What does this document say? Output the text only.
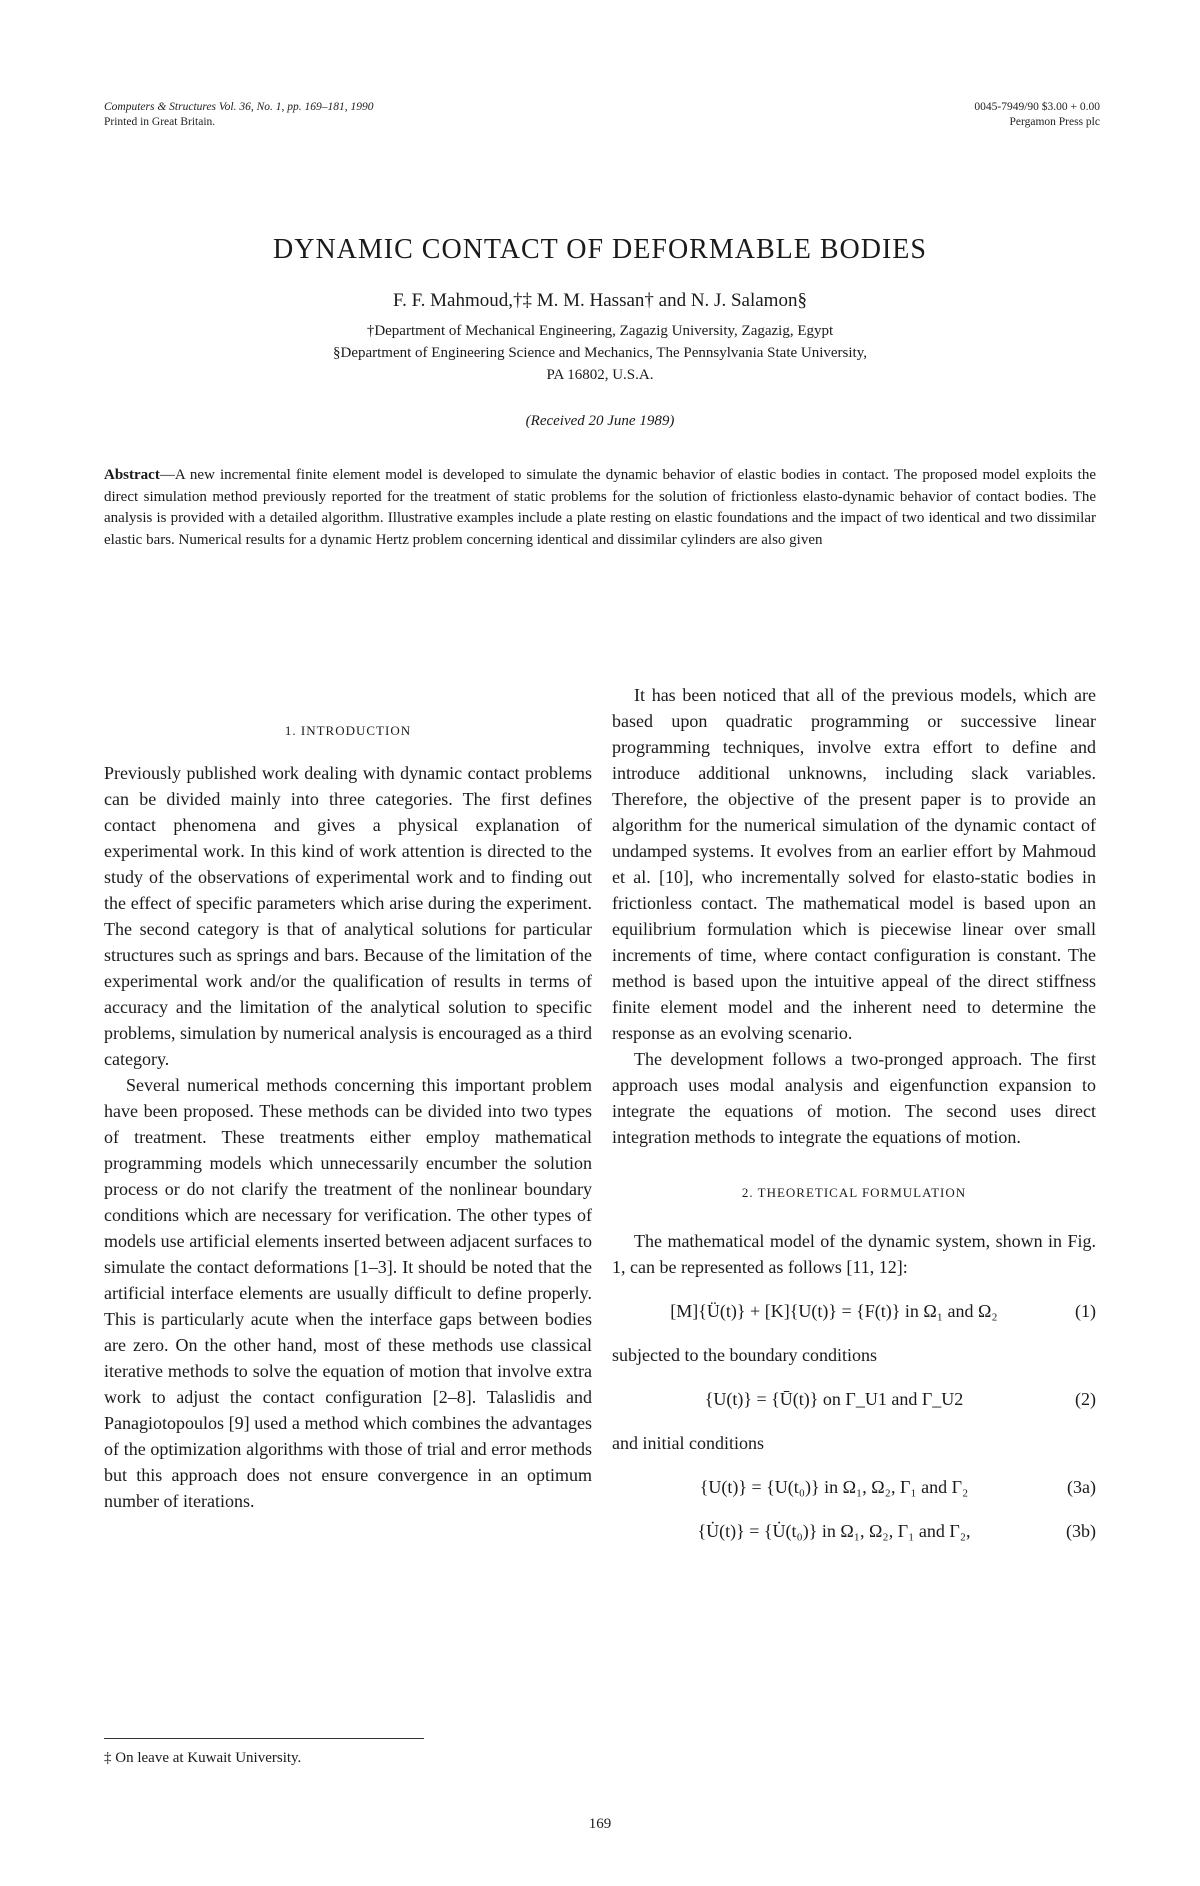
Computers & Structures Vol. 36, No. 1, pp. 169–181, 1990
Printed in Great Britain.
0045-7949/90 $3.00 + 0.00
Pergamon Press plc
DYNAMIC CONTACT OF DEFORMABLE BODIES
F. F. Mahmoud,†‡ M. M. Hassan† and N. J. Salamon§
†Department of Mechanical Engineering, Zagazig University, Zagazig, Egypt
§Department of Engineering Science and Mechanics, The Pennsylvania State University,
PA 16802, U.S.A.
(Received 20 June 1989)
Abstract—A new incremental finite element model is developed to simulate the dynamic behavior of elastic bodies in contact. The proposed model exploits the direct simulation method previously reported for the treatment of static problems for the solution of frictionless elasto-dynamic behavior of contact bodies. The analysis is provided with a detailed algorithm. Illustrative examples include a plate resting on elastic foundations and the impact of two identical and two dissimilar elastic bars. Numerical results for a dynamic Hertz problem concerning identical and dissimilar cylinders are also given
1. INTRODUCTION

Previously published work dealing with dynamic contact problems can be divided mainly into three categories. The first defines contact phenomena and gives a physical explanation of experimental work. In this kind of work attention is directed to the study of the observations of experimental work and to finding out the effect of specific parameters which arise during the experiment. The second category is that of analytical solutions for particular structures such as springs and bars. Because of the limitation of the experimental work and/or the qualification of results in terms of accuracy and the limitation of the analytical solution to specific problems, simulation by numerical analysis is encouraged as a third category.

Several numerical methods concerning this important problem have been proposed. These methods can be divided into two types of treatment. These treatments either employ mathematical programming models which unnecessarily encumber the solution process or do not clarify the treatment of the nonlinear boundary conditions which are necessary for verification. The other types of models use artificial elements inserted between adjacent surfaces to simulate the contact deformations [1–3]. It should be noted that the artificial interface elements are usually difficult to define properly. This is particularly acute when the interface gaps between bodies are zero. On the other hand, most of these methods use classical iterative methods to solve the equation of motion that involve extra work to adjust the contact configuration [2–8]. Talaslidis and Panagiotopoulos [9] used a method which combines the advantages of the optimization algorithms with those of trial and error methods but this approach does not ensure convergence in an optimum number of iterations.

It has been noticed that all of the previous models, which are based upon quadratic programming or successive linear programming techniques, involve extra effort to define and introduce additional unknowns, including slack variables. Therefore, the objective of the present paper is to provide an algorithm for the numerical simulation of the dynamic contact of undamped systems. It evolves from an earlier effort by Mahmoud et al. [10], who incrementally solved for elasto-static bodies in frictionless contact. The mathematical model is based upon an equilibrium formulation which is piecewise linear over small increments of time, where contact configuration is constant. The method is based upon the intuitive appeal of the direct stiffness finite element model and the inherent need to determine the response as an evolving scenario.

The development follows a two-pronged approach. The first approach uses modal analysis and eigenfunction expansion to integrate the equations of motion. The second uses direct integration methods to integrate the equations of motion.

2. THEORETICAL FORMULATION

The mathematical model of the dynamic system, shown in Fig. 1, can be represented as follows [11, 12]:

[M]{Ü(t)} + [K]{U(t)} = {F(t)} in Ω₁ and Ω₂	(1)

subjected to the boundary conditions

{U(t)} = {Ū(t)} on Γ_U1 and Γ_U2	(2)

and initial conditions

{U(t)} = {U(t₀)} in Ω₁, Ω₂, Γ₁ and Γ₂	(3a)
{U̇(t)} = {U̇(t₀)} in Ω₁, Ω₂, Γ₁ and Γ₂,	(3b)
‡ On leave at Kuwait University.
169
